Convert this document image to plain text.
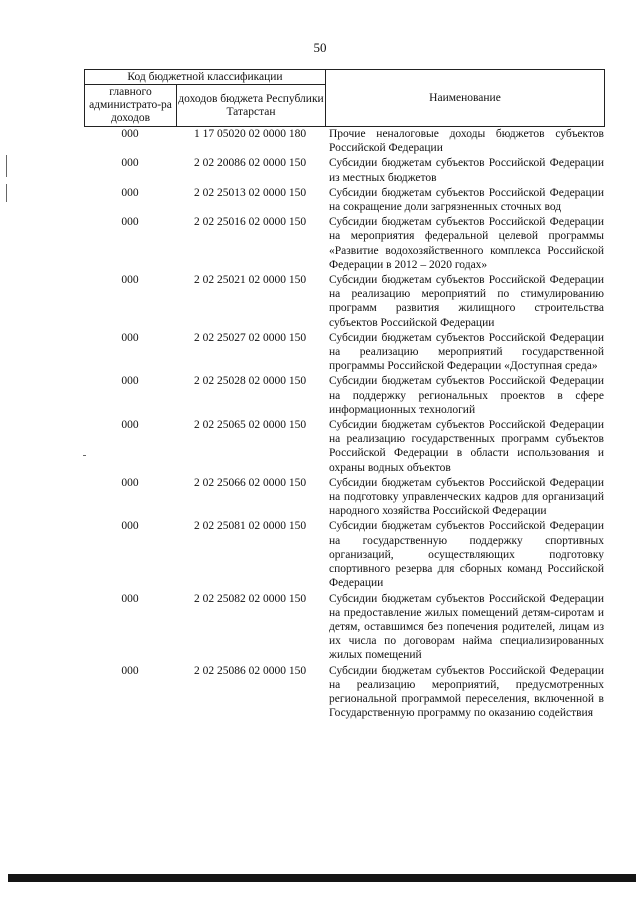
50
Код бюджетной классификации		Наименование
главного администрато-ра доходов	доходов бюджета Республики Татарстан	
000	1 17 05020 02 0000 180	Прочие неналоговые доходы бюджетов субъектов Российской Федерации
000	2 02 20086 02 0000 150	Субсидии бюджетам субъектов Российской Федерации из местных бюджетов
000	2 02 25013 02 0000 150	Субсидии бюджетам субъектов Российской Федерации на сокращение доли загрязненных сточных вод
000	2 02 25016 02 0000 150	Субсидии бюджетам субъектов Российской Федерации на мероприятия федеральной целевой программы «Развитие водохозяйственного комплекса Российской Федерации в 2012 – 2020 годах»
000	2 02 25021 02 0000 150	Субсидии бюджетам субъектов Российской Федерации на реализацию мероприятий по стимулированию программ развития жилищного строительства субъектов Российской Федерации
000	2 02 25027 02 0000 150	Субсидии бюджетам субъектов Российской Федерации на реализацию мероприятий государственной программы Российской Федерации «Доступная среда»
000	2 02 25028 02 0000 150	Субсидии бюджетам субъектов Российской Федерации на поддержку региональных проектов в сфере информационных технологий
000	2 02 25065 02 0000 150	Субсидии бюджетам субъектов Российской Федерации на реализацию государственных программ субъектов Российской Федерации в области использования и охраны водных объектов
000	2 02 25066 02 0000 150	Субсидии бюджетам субъектов Российской Федерации на подготовку управленческих кадров для организаций народного хозяйства Российской Федерации
000	2 02 25081 02 0000 150	Субсидии бюджетам субъектов Российской Федерации на государственную поддержку спортивных организаций, осуществляющих подготовку спортивного резерва для сборных команд Российской Федерации
000	2 02 25082 02 0000 150	Субсидии бюджетам субъектов Российской Федерации на предоставление жилых помещений детям-сиротам и детям, оставшимся без попечения родителей, лицам из их числа по договорам найма специализированных жилых помещений
000	2 02 25086 02 0000 150	Субсидии бюджетам субъектов Российской Федерации на реализацию мероприятий, предусмотренных региональной программой переселения, включенной в Государственную программу по оказанию содействия
